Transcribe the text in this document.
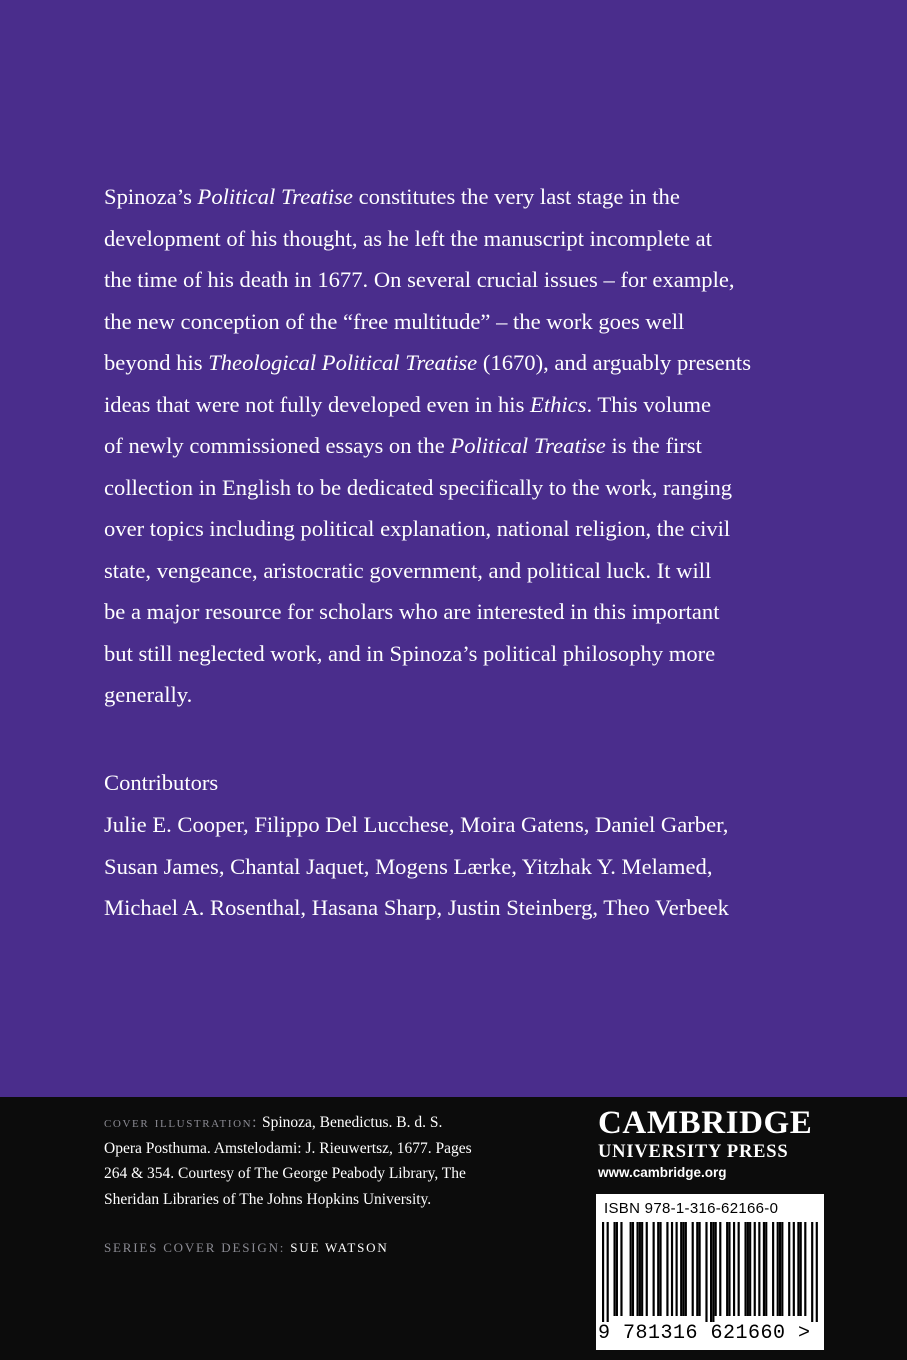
Spinoza’s Political Treatise constitutes the very last stage in the
development of his thought, as he left the manuscript incomplete at
the time of his death in 1677. On several crucial issues – for example,
the new conception of the “free multitude” – the work goes well
beyond his Theological Political Treatise (1670), and arguably presents
ideas that were not fully developed even in his Ethics. This volume
of newly commissioned essays on the Political Treatise is the first
collection in English to be dedicated specifically to the work, ranging
over topics including political explanation, national religion, the civil
state, vengeance, aristocratic government, and political luck. It will
be a major resource for scholars who are interested in this important
but still neglected work, and in Spinoza’s political philosophy more
generally.
Contributors
Julie E. Cooper, Filippo Del Lucchese, Moira Gatens, Daniel Garber,
Susan James, Chantal Jaquet, Mogens Lærke, Yitzhak Y. Melamed,
Michael A. Rosenthal, Hasana Sharp, Justin Steinberg, Theo Verbeek
cover illustration: Spinoza, Benedictus. B. d. S.
Opera Posthuma. Amstelodami: J. Rieuwertsz, 1677. Pages
264 & 354. Courtesy of The George Peabody Library, The
Sheridan Libraries of The Johns Hopkins University.
SERIES COVER DESIGN: SUE WATSON
CAMBRIDGE
UNIVERSITY PRESS
www.cambridge.org
ISBN 978-1-316-62166-0
9 781316 621660 >
